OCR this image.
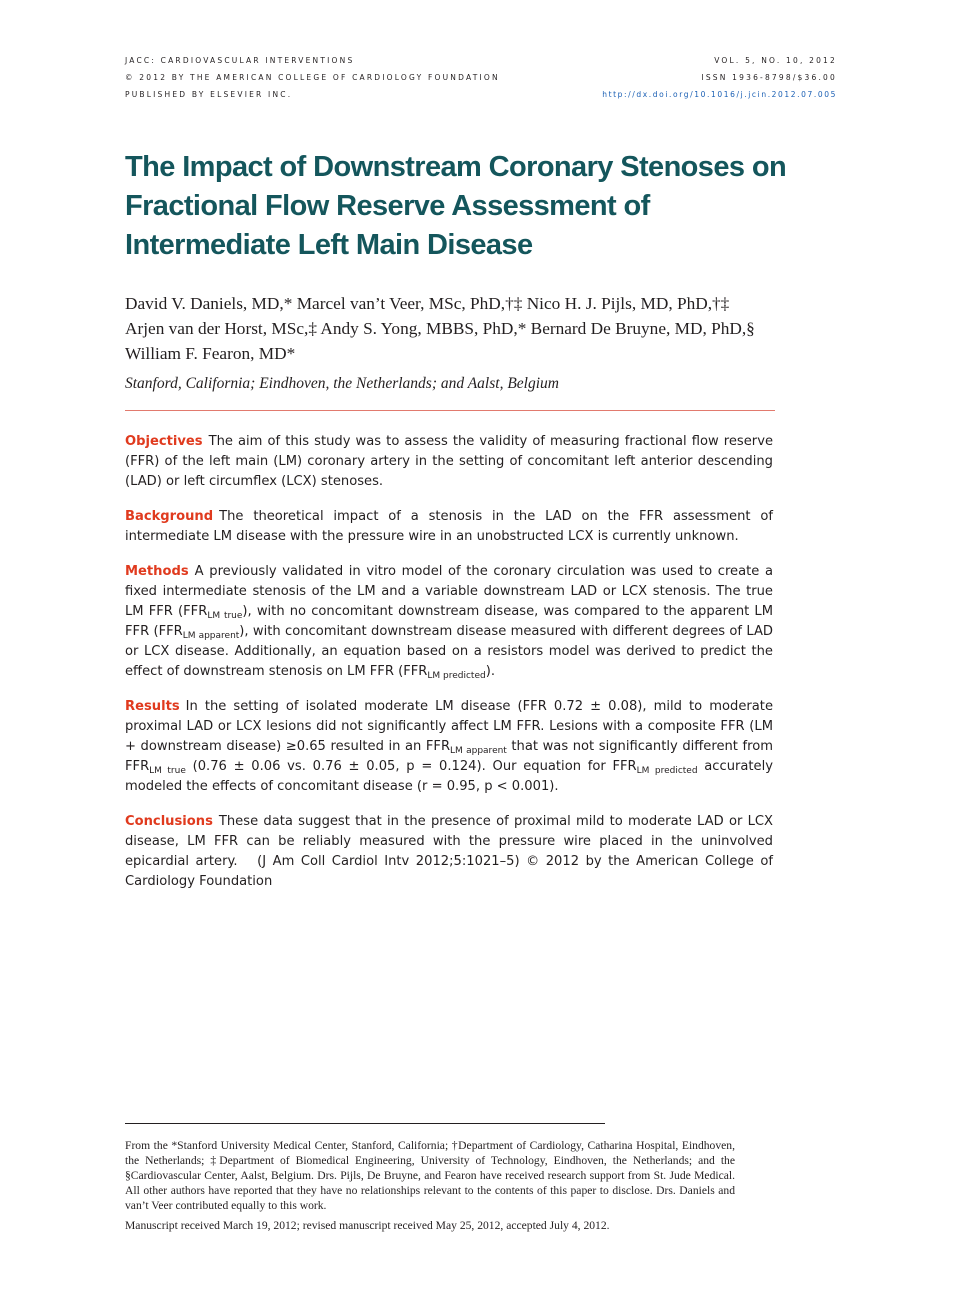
JACC: CARDIOVASCULAR INTERVENTIONS	VOL. 5, NO. 10, 2012
© 2012 BY THE AMERICAN COLLEGE OF CARDIOLOGY FOUNDATION	ISSN 1936-8798/$36.00
PUBLISHED BY ELSEVIER INC.	http://dx.doi.org/10.1016/j.jcin.2012.07.005
The Impact of Downstream Coronary Stenoses on Fractional Flow Reserve Assessment of Intermediate Left Main Disease
David V. Daniels, MD,* Marcel van’t Veer, MSc, PhD,†‡ Nico H. J. Pijls, MD, PhD,†‡
Arjen van der Horst, MSc,‡ Andy S. Yong, MBBS, PhD,* Bernard De Bruyne, MD, PhD,§
William F. Fearon, MD*
Stanford, California; Eindhoven, the Netherlands; and Aalst, Belgium
Objectives The aim of this study was to assess the validity of measuring fractional flow reserve (FFR) of the left main (LM) coronary artery in the setting of concomitant left anterior descending (LAD) or left circumflex (LCX) stenoses.
Background The theoretical impact of a stenosis in the LAD on the FFR assessment of intermediate LM disease with the pressure wire in an unobstructed LCX is currently unknown.
Methods A previously validated in vitro model of the coronary circulation was used to create a fixed intermediate stenosis of the LM and a variable downstream LAD or LCX stenosis. The true LM FFR $(FFR_{LM true})$, with no concomitant downstream disease, was compared to the apparent LM FFR $(FFR_{LM apparent})$, with concomitant downstream disease measured with different degrees of LAD or LCX disease. Additionally, an equation based on a resistors model was derived to predict the effect of downstream stenosis on LM FFR $(FFR_{LM predicted})$.
Results In the setting of isolated moderate LM disease (FFR 0.72 ± 0.08), mild to moderate proximal LAD or LCX lesions did not significantly affect LM FFR. Lesions with a composite FFR (LM + downstream disease) ≥0.65 resulted in an $FFR_{LM apparent}$ that was not significantly different from $FFR_{LM true}$ (0.76 ± 0.06 vs. 0.76 ± 0.05, p = 0.124). Our equation for $FFR_{LM predicted}$ accurately modeled the effects of concomitant disease (r = 0.95, p < 0.001).
Conclusions These data suggest that in the presence of proximal mild to moderate LAD or LCX disease, LM FFR can be reliably measured with the pressure wire placed in the uninvolved epicardial artery. (J Am Coll Cardiol Intv 2012;5:1021–5) © 2012 by the American College of Cardiology Foundation
From the *Stanford University Medical Center, Stanford, California; †Department of Cardiology, Catharina Hospital, Eindhoven, the Netherlands; ‡Department of Biomedical Engineering, University of Technology, Eindhoven, the Netherlands; and the §Cardiovascular Center, Aalst, Belgium. Drs. Pijls, De Bruyne, and Fearon have received research support from St. Jude Medical. All other authors have reported that they have no relationships relevant to the contents of this paper to disclose. Drs. Daniels and van’t Veer contributed equally to this work.
Manuscript received March 19, 2012; revised manuscript received May 25, 2012, accepted July 4, 2012.
